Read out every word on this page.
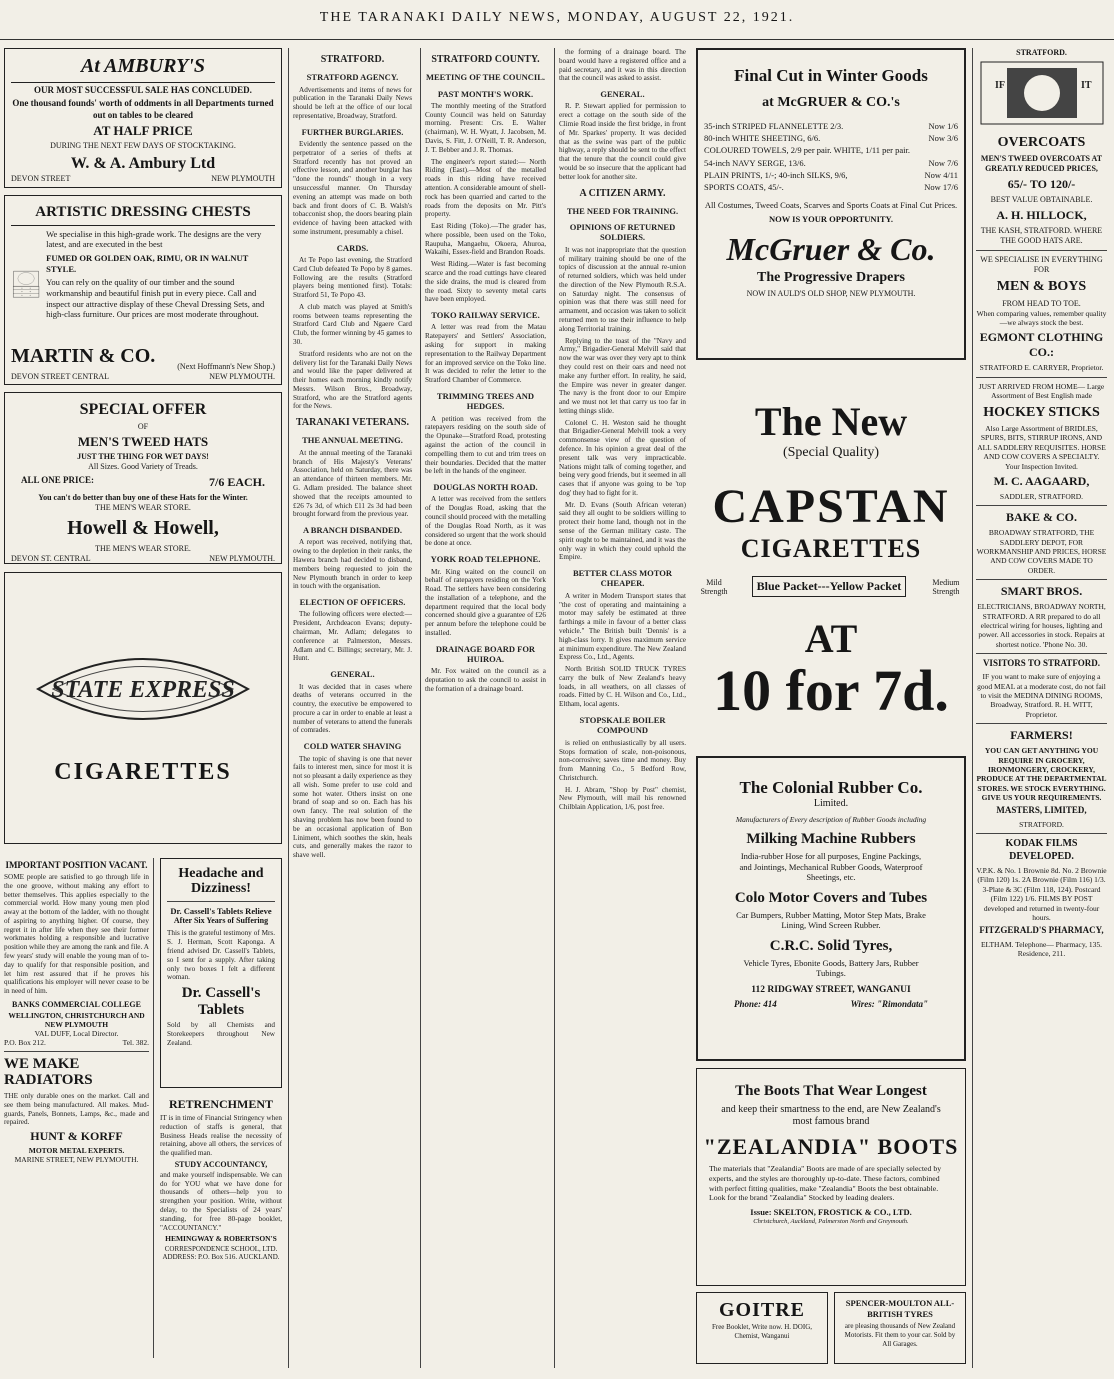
THE TARANAKI DAILY NEWS, MONDAY, AUGUST 22, 1921.
At AMBURY'S
OUR MOST SUCCESSFUL SALE HAS CONCLUDED.
One thousand founds' worth of oddments in all Departments turned out on tables to be cleared
AT HALF PRICE
DURING THE NEXT FEW DAYS OF STOCKTAKING.
W. & A. Ambury Ltd
DEVON STREET	NEW PLYMOUTH
ARTISTIC DRESSING CHESTS
We specialise in this high-grade work. The designs are the very latest, and are executed in the best
FUMED OR GOLDEN OAK, RIMU, OR IN WALNUT STYLE.
You can rely on the quality of our timber and the sound workmanship and beautiful finish put in every piece. Call and inspect our attractive display of these Cheval Dressing Sets, and high-class furniture. Our prices are most moderate throughout.
MARTIN & CO.	(Next Hoffmann's New Shop.)
DEVON STREET CENTRAL	NEW PLYMOUTH.
SPECIAL OFFER
OF
MEN'S TWEED HATS
JUST THE THING FOR WET DAYS!
All Sizes. Good Variety of Treads.
ALL ONE PRICE:	7/6 EACH.
You can't do better than buy one of these Hats for the Winter.
THE MEN'S WEAR STORE.
Howell & Howell,
THE MEN'S WEAR STORE.
DEVON ST. CENTRAL	NEW PLYMOUTH.
STATE EXPRESS
CIGARETTES
IMPORTANT POSITION VACANT.
SOME people are satisfied to go through life in the one groove, without making any effort to better themselves. This applies especially to the commercial world. How many young men plod away at the bottom of the ladder, with no thought of aspiring to anything higher. Of course, they regret it in after life when they see their former workmates holding a responsible and lucrative position while they are among the rank and file. A few years' study will enable the young man of to-day to qualify for that responsible position, and let him rest assured that if he proves his qualifications his employer will never cease to be in need of him.
BANKS COMMERCIAL COLLEGE
WELLINGTON, CHRISTCHURCH AND NEW PLYMOUTH
VAL DUFF, Local Director.
P.O. Box 212.	Tel. 382.
WE MAKE RADIATORS
THE only durable ones on the market. Call and see them being manufactured. All makes. Mud-guards, Panels, Bonnets, Lamps, &c., made and repaired.
HUNT & KORFF
MOTOR METAL EXPERTS.
MARINE STREET, NEW PLYMOUTH.
Headache and Dizziness!
Dr. Cassell's Tablets Relieve
After Six Years of Suffering
This is the grateful testimony of Mrs. S. J. Herman, Scott Kaponga. A friend advised Dr. Cassell's Tablets, so I sent for a supply. After taking only two boxes I felt a different woman.
Dr. Cassell's Tablets
Sold by all Chemists and Storekeepers throughout New Zealand.
RETRENCHMENT
IT is in time of Financial Stringency when reduction of staffs is general, that Business Heads realise the necessity of retaining, above all others, the services of the qualified man.
STUDY ACCOUNTANCY,
and make yourself indispensable. We can do for YOU what we have done for thousands of others—help you to strengthen your position. Write, without delay, to the Specialists of 24 years' standing, for free 80-page booklet, "ACCOUNTANCY."
HEMINGWAY & ROBERTSON'S
CORRESPONDENCE SCHOOL, LTD. ADDRESS: P.O. Box 516. AUCKLAND.
STRATFORD.
STRATFORD AGENCY.

Advertisements and items of news for publication in the Taranaki Daily News should be left at the office of our local representative, Broadway, Stratford.

FURTHER BURGLARIES.

Evidently the sentence passed on the perpetrator of a series of thefts at Stratford recently has not proved an effective lesson, and another burglar has "done the rounds" though in a very unsuccessful manner. On Thursday evening an attempt was made on both back and front doors of C. B. Walsh's tobacconist shop, the doors bearing plain evidence of having been attacked with some instrument, presumably a chisel.

CARDS.

At Te Popo last evening, the Stratford Card Club defeated Te Popo by 8 games. Following are the results (Stratford players being mentioned first). Totals: Stratford 51, Te Popo 43.

A club match was played at Smith's rooms between teams representing the Stratford Card Club and Ngaere Card Club, the former winning by 45 games to 30.

Stratford residents who are not on the delivery list for the Taranaki Daily News and would like the paper delivered at their homes each morning kindly notify Messrs. Wilson Bros., Broadway, Stratford, who are the Stratford agents for the News.

TARANAKI VETERANS.
THE ANNUAL MEETING.

At the annual meeting of the Taranaki branch of His Majesty's Veterans' Association, held on Saturday, there was an attendance of thirteen members. Mr. G. Adlam presided. The balance sheet showed that the receipts amounted to £26 7s 3d, of which £11 2s 3d had been brought forward from the previous year.

A BRANCH DISBANDED.

A report was received, notifying that, owing to the depletion in their ranks, the Hawera branch had decided to disband, members being requested to join the New Plymouth branch in order to keep in touch with the organisation.

ELECTION OF OFFICERS.

The following officers were elected:— President, Archdeacon Evans; deputy-chairman, Mr. Adlam; delegates to conference at Palmerston, Messrs. Adlam and C. Billings; secretary, Mr. J. Hunt.

GENERAL.

It was decided that in cases where deaths of veterans occurred in the country, the executive be empowered to procure a car in order to enable at least a number of veterans to attend the funerals of comrades.

COLD WATER SHAVING

The topic of shaving is one that never fails to interest men, since for most it is not so pleasant a daily experience as they all wish. Some prefer to use cold and some hot water. Others insist on one brand of soap and so on. Each has his own fancy. The real solution of the shaving problem has now been found to be an occasional application of Bon Liniment, which soothes the skin, heals cuts, and generally makes the razor to shave well.

STRATFORD COUNTY.
MEETING OF THE COUNCIL.
PAST MONTH'S WORK.

The monthly meeting of the Stratford County Council was held on Saturday morning. Present: Crs. E. Walter (chairman), W. H. Wyatt, J. Jacobsen, M. Davis, S. Fitt, J. O'Neill, T. R. Anderson, J. T. Bebber and J. R. Thomas.

The engineer's report stated:— North Riding (East).—Most of the metalled roads in this riding have received attention. A considerable amount of shell-rock has been quarried and carted to the roads from the deposits on Mr. Pitt's property.

East Riding (Toko).—The grader has, where possible, been used on the Toko, Raupuha, Mangaehu, Okoera, Ahuroa, Wakaihi, Essex-field and Brandon Roads.

West Riding.—Water is fast becoming scarce and the road cuttings have cleared the side drains, the mud is cleared from the road. Sixty to seventy metal carts have been employed.

TOKO RAILWAY SERVICE.

A letter was read from the Matau Ratepayers' and Settlers' Association, asking for support in making representation to the Railway Department for an improved service on the Toko line. It was decided to refer the letter to the Stratford Chamber of Commerce.

TRIMMING TREES AND HEDGES.

A petition was received from the ratepayers residing on the south side of the Opunake—Stratford Road, protesting against the action of the council in compelling them to cut and trim trees on their boundaries. Decided that the matter be left in the hands of the engineer.

DOUGLAS NORTH ROAD.

A letter was received from the settlers of the Douglas Road, asking that the council should proceed with the metalling of the Douglas Road North, as it was considered so urgent that the work should be done at once.

YORK ROAD TELEPHONE.

Mr. King waited on the council on behalf of ratepayers residing on the York Road. The settlers have been considering the installation of a telephone, and the department required that the local body concerned should give a guarantee of £26 per annum before the telephone could be installed.

DRAINAGE BOARD FOR HUIROA.

Mr. Fox waited on the council as a deputation to ask the council to assist in the formation of a drainage board.

the forming of a drainage board. The board would have a registered office and a paid secretary, and it was in this direction that the council was asked to assist.

GENERAL.

R. P. Stewart applied for permission to erect a cottage on the south side of the Climie Road inside the first bridge, in front of Mr. Sparkes' property. It was decided that as the swine was part of the public highway, a reply should be sent to the effect that the tenure that the council could give would be so insecure that the applicant had better look for another site.

A CITIZEN ARMY.
THE NEED FOR TRAINING.
OPINIONS OF RETURNED SOLDIERS.

It was not inappropriate that the question of military training should be one of the topics of discussion at the annual re-union of returned soldiers, which was held under the direction of the New Plymouth R.S.A. on Saturday night. The consensus of opinion was that there was still need for armament, and occasion was taken to solicit returned men to use their influence to help along Territorial training.

Replying to the toast of the "Navy and Army," Brigadier-General Melvill said that now the war was over they very apt to think they could rest on their oars and need not make any further effort. In reality, he said, the Empire was never in greater danger. The navy is the front door to our Empire and we must not let that carry us too far in letting things slide.

Colonel C. H. Weston said he thought that Brigadier-General Melvill took a very commonsense view of the question of defence. In his opinion a great deal of the present talk was very impracticable. Nations might talk of coming together, and being very good friends, but it seemed in all cases that if anyone was going to be 'top dog' they had to fight for it.

Mr. D. Evans (South African veteran) said they all ought to be soldiers willing to protect their home land, though not in the sense of the German military caste. The spirit ought to be maintained, and it was the only way in which they could uphold the Empire.

BETTER CLASS MOTOR CHEAPER.

A writer in Modern Transport states that "the cost of operating and maintaining a motor may safely be estimated at three farthings a mile in favour of a better class vehicle." The British built 'Dennis' is a high-class lorry. It gives maximum service at minimum expenditure. The New Zealand Express Co., Ltd., Agents.

North British SOLID TRUCK TYRES carry the bulk of New Zealand's heavy loads, in all weathers, on all classes of roads. Fitted by C. H. Wilson and Co., Ltd., Eltham, local agents.

STOPSKALE BOILER COMPOUND

is relied on enthusiastically by all users. Stops formation of scale, non-poisonous, non-corrosive; saves time and money. Buy from Manning Co., 5 Bedford Row, Christchurch.

H. J. Abram, "Shop by Post" chemist, New Plymouth, will mail his renowned Chilblain Application, 1/6, post free.

Final Cut in Winter Goods
at McGRUER & CO.'s
35-inch STRIPED FLANNELETTE 2/3.	Now 1/6
80-inch WHITE SHEETING, 6/6.	Now 3/6
COLOURED TOWELS, 2/9 per pair. WHITE, 1/11 per pair.
54-inch NAVY SERGE, 13/6.	Now 7/6
PLAIN PRINTS, 1/-; 40-inch SILKS, 9/6,	Now 4/11
SPORTS COATS, 45/-.	Now 17/6
All Costumes, Tweed Coats, Scarves and Sports Coats at Final Cut Prices.
NOW IS YOUR OPPORTUNITY.
McGruer & Co.
The Progressive Drapers
NOW IN AULD'S OLD SHOP, NEW PLYMOUTH.
The New
(Special Quality)
CAPSTAN
CIGARETTES
Mild Strength	Blue Packet---Yellow Packet	Medium Strength
AT
10 for 7d.
The Colonial Rubber Co.
Limited.
Manufacturers of Every description of Rubber Goods including
Milking Machine Rubbers
India-rubber Hose for all purposes, Engine Packings, and Jointings, Mechanical Rubber Goods, Waterproof Sheetings, etc.
Colo Motor Covers and Tubes
Car Bumpers, Rubber Matting, Motor Step Mats, Brake Lining, Wind Screen Rubber.
C.R.C. Solid Tyres,
Vehicle Tyres, Ebonite Goods, Battery Jars, Rubber Tubings.
112 RIDGWAY STREET, WANGANUI
Phone: 414	Wires: "Rimondata"
The Boots That Wear Longest
and keep their smartness to the end, are New Zealand's most famous brand
"ZEALANDIA" BOOTS
The materials that "Zealandia" Boots are made of are specially selected by experts, and the styles are thoroughly up-to-date. These factors, combined with perfect fitting qualities, make "Zealandia" Boots the best obtainable. Look for the brand "Zealandia" Stocked by leading dealers.
Issue: SKELTON, FROSTICK & CO., LTD.
Christchurch, Auckland, Palmerston North and Greymouth.
GOITRE
Free Booklet, Write now. H. DOIG, Chemist, Wanganui
SPENCER-MOULTON ALL-BRITISH TYRES
are pleasing thousands of New Zealand Motorists. Fit them to your car. Sold by All Garages.
STRATFORD.
IF	IT
OVERCOATS
MEN'S TWEED OVERCOATS AT GREATLY REDUCED PRICES,
65/- TO 120/-
BEST VALUE OBTAINABLE.
A. H. HILLOCK,
THE KASH, STRATFORD. WHERE THE GOOD HATS ARE.
WE SPECIALISE IN EVERYTHING FOR
MEN & BOYS
FROM HEAD TO TOE.
When comparing values, remember quality—we always stock the best.
EGMONT CLOTHING CO.:
STRATFORD E. CARRYER, Proprietor.
JUST ARRIVED FROM HOME— Large Assortment of Best English made
HOCKEY STICKS
Also Large Assortment of BRIDLES, SPURS, BITS, STIRRUP IRONS, AND ALL SADDLERY REQUISITES. HORSE AND COW COVERS A SPECIALTY. Your Inspection Invited.
M. C. AAGAARD,
SADDLER, STRATFORD.
BAKE & CO.
BROADWAY STRATFORD, THE SADDLERY DEPOT, FOR WORKMANSHIP AND PRICES, HORSE AND COW COVERS MADE TO ORDER.
SMART BROS.
ELECTRICIANS, BROADWAY NORTH, STRATFORD. A RR prepared to do all electrical wiring for houses, lighting and power. All accessories in stock. Repairs at shortest notice. 'Phone No. 30.
VISITORS TO STRATFORD.
IF you want to make sure of enjoying a good MEAL at a moderate cost, do not fail to visit the MEDINA DINING ROOMS, Broadway, Stratford. R. H. WITT, Proprietor.
FARMERS!
YOU CAN GET ANYTHING YOU REQUIRE IN GROCERY, IRONMONGERY, CROCKERY, PRODUCE AT THE DEPARTMENTAL STORES. WE STOCK EVERYTHING. GIVE US YOUR REQUIREMENTS.
MASTERS, LIMITED,
STRATFORD.
KODAK FILMS DEVELOPED.
V.P.K. & No. 1 Brownie 8d. No. 2 Brownie (Film 120) 1s. 2A Brownie (Film 116) 1/3. 3-Plate & 3C (Film 118, 124). Postcard (Film 122) 1/6. FILMS BY POST developed and returned in twenty-four hours.
FITZGERALD'S PHARMACY,
ELTHAM. Telephone— Pharmacy, 135. Residence, 211.
